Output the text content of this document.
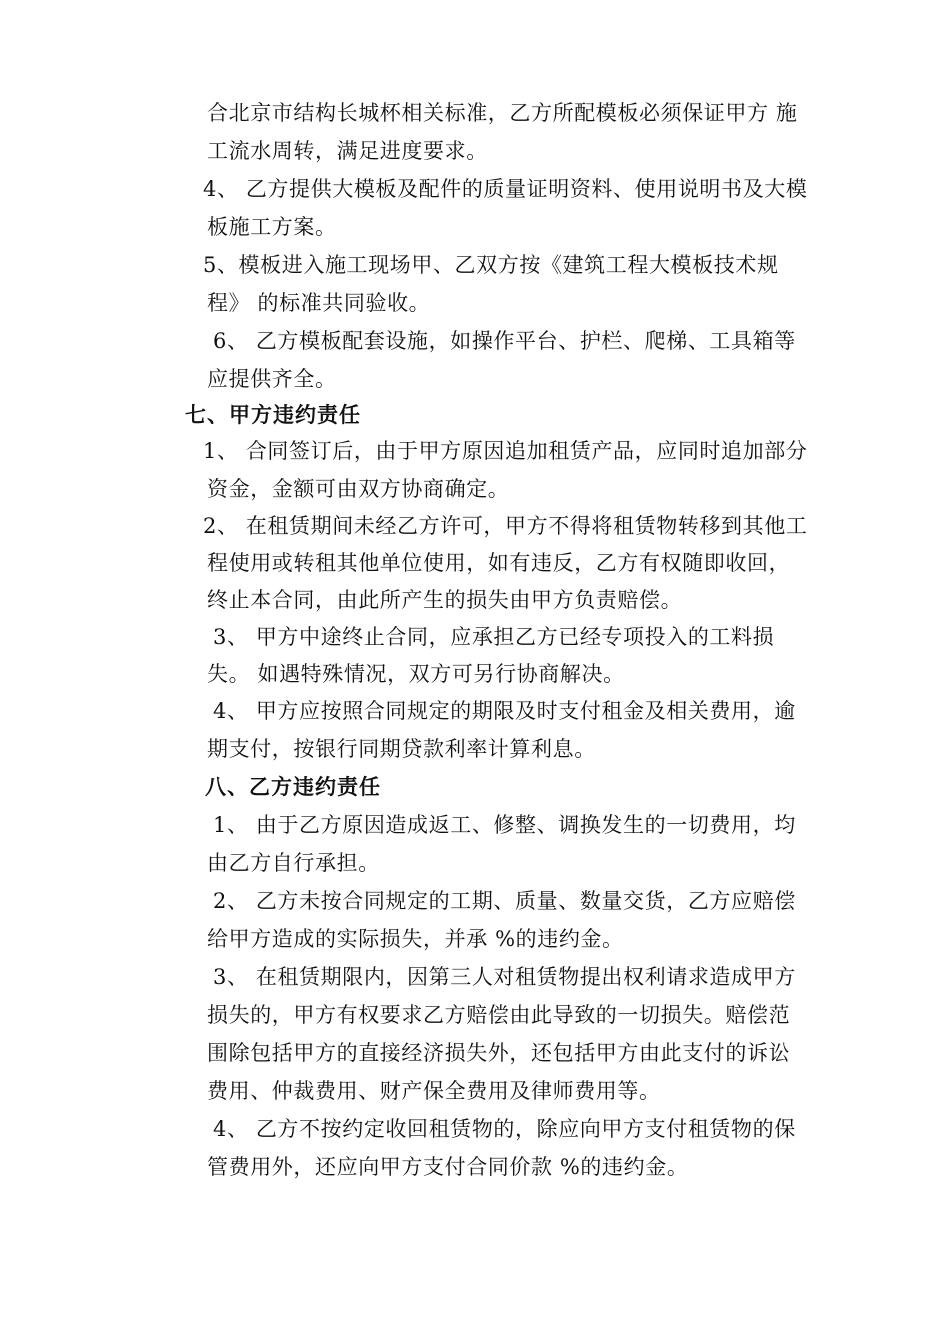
合北京市结构长城杯相关标准，乙方所配模板必须保证甲方 施
工流水周转，满足进度要求。
4、 乙方提供大模板及配件的质量证明资料、使用说明书及大模
板施工方案。
5、模板进入施工现场甲、乙双方按《建筑工程大模板技术规
程》 的标准共同验收。
6、 乙方模板配套设施，如操作平台、护栏、爬梯、工具箱等
应提供齐全。
七、甲方违约责任
1、 合同签订后，由于甲方原因追加租赁产品，应同时追加部分
资金，金额可由双方协商确定。
2、 在租赁期间未经乙方许可，甲方不得将租赁物转移到其他工
程使用或转租其他单位使用，如有违反，乙方有权随即收回，
终止本合同，由此所产生的损失由甲方负责赔偿。
3、 甲方中途终止合同，应承担乙方已经专项投入的工料损
失。 如遇特殊情况，双方可另行协商解决。
4、 甲方应按照合同规定的期限及时支付租金及相关费用，逾
期支付，按银行同期贷款利率计算利息。
八、乙方违约责任
1、 由于乙方原因造成返工、修整、调换发生的一切费用，均
由乙方自行承担。
2、 乙方未按合同规定的工期、质量、数量交货，乙方应赔偿
给甲方造成的实际损失，并承 %的违约金。
3、 在租赁期限内，因第三人对租赁物提出权利请求造成甲方
损失的，甲方有权要求乙方赔偿由此导致的一切损失。赔偿范
围除包括甲方的直接经济损失外，还包括甲方由此支付的诉讼
费用、仲裁费用、财产保全费用及律师费用等。
4、 乙方不按约定收回租赁物的，除应向甲方支付租赁物的保
管费用外，还应向甲方支付合同价款 %的违约金。
